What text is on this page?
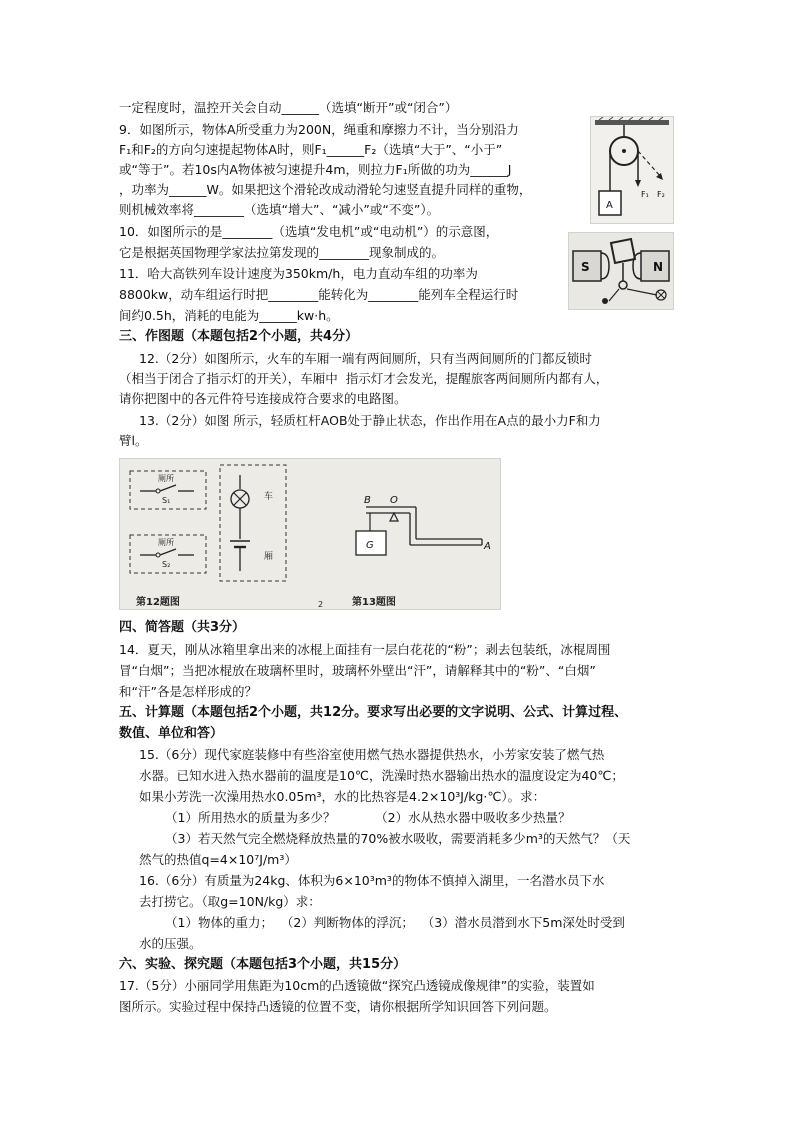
一定程度时，温控开关会自动______（选填“断开”或“闭合”）
9．如图所示，物体A所受重力为200N，绳重和摩擦力不计，当分别沿力
F₁和F₂的方向匀速提起物体A时，则F₁______F₂（选填“大于”、“小于”
或“等于”。若10s内A物体被匀速提升4m，则拉力F₁所做的功为______J
，功率为______W。如果把这个滑轮改成动滑轮匀速竖直提升同样的重物，
则机械效率将________（选填“增大”、“减小”或“不变”）。
10．如图所示的是________（选填“发电机”或“电动机”）的示意图，
它是根据英国物理学家法拉第发现的________现象制成的。
11．哈大高铁列车设计速度为350km/h，电力直动车组的功率为
8800kw，动车组运行时把________能转化为________能列车全程运行时
间约0.5h，消耗的电能为______kw·h。
三、作图题（本题包括2个小题，共4分）
12.（2分）如图所示，火车的车厢一端有两间厕所，只有当两间厕所的门都反锁时
（相当于闭合了指示灯的开关），车厢中  指示灯才会发光，提醒旅客两间厕所内都有人，
请你把图中的各元件符号连接成符合要求的电路图。
13.（2分）如图 所示，轻质杠杆AOB处于静止状态，作出作用在A点的最小力F和力
臂l。
A
F₁ F₂
S	N
厕所
S₁
厕所
S₂
车
厢
第12题图
G
B O
A
2	第13题图
四、简答题（共3分）
14．夏天，刚从冰箱里拿出来的冰棍上面挂有一层白花花的“粉”；剥去包装纸，冰棍周围
冒“白烟”；当把冰棍放在玻璃杯里时，玻璃杯外壁出“汗”，请解释其中的“粉”、“白烟”
和“汗”各是怎样形成的？
五、计算题（本题包括2个小题，共12分。要求写出必要的文字说明、公式、计算过程、
数值、单位和答）
15.（6分）现代家庭装修中有些浴室使用燃气热水器提供热水，小芳家安装了燃气热
水器。已知水进入热水器前的温度是10℃，洗澡时热水器输出热水的温度设定为40℃；
如果小芳洗一次澡用热水0.05m³，水的比热容是4.2×10³J/kg·℃）。求：
（1）所用热水的质量为多少？          （2）水从热水器中吸收多少热量？
（3）若天然气完全燃烧释放热量的70%被水吸收，需要消耗多少m³的天然气？（天
然气的热值q=4×10⁷J/m³）
16.（6分）有质量为24kg、体积为6×10³m³的物体不慎掉入湖里，一名潜水员下水
去打捞它。（取g=10N/kg）求：
（1）物体的重力；  （2）判断物体的浮沉；  （3）潜水员潜到水下5m深处时受到
水的压强。
六、实验、探究题（本题包括3个小题，共15分）
17.（5分）小丽同学用焦距为10cm的凸透镜做“探究凸透镜成像规律”的实验，装置如
图所示。实验过程中保持凸透镜的位置不变，请你根据所学知识回答下列问题。
